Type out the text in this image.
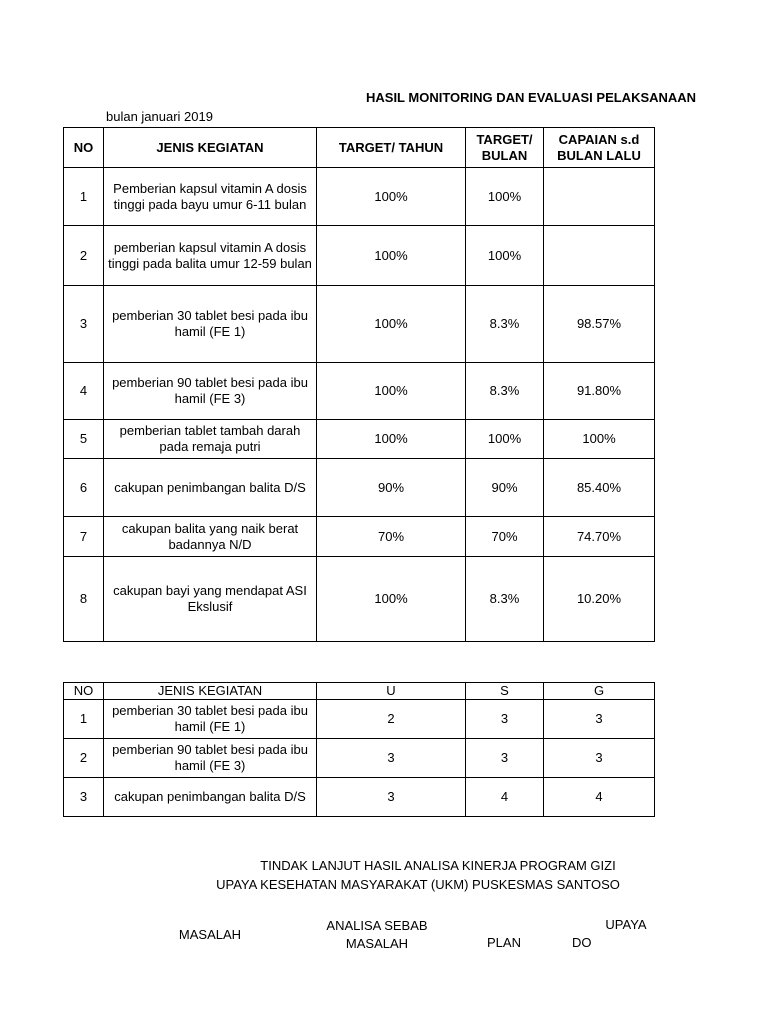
HASIL MONITORING DAN EVALUASI PELAKSANAAN
bulan januari 2019
NO	JENIS KEGIATAN	TARGET/ TAHUN	TARGET/ BULAN	CAPAIAN s.d BULAN LALU
1	Pemberian kapsul vitamin A dosis tinggi pada bayu umur 6-11 bulan	100%	100%	
2	pemberian kapsul vitamin A dosis tinggi pada balita umur 12-59 bulan	100%	100%	
3	pemberian 30 tablet besi pada ibu hamil (FE 1)	100%	8.3%	98.57%
4	pemberian 90 tablet besi pada ibu hamil (FE 3)	100%	8.3%	91.80%
5	pemberian tablet tambah darah pada remaja putri	100%	100%	100%
6	cakupan penimbangan balita D/S	90%	90%	85.40%
7	cakupan balita yang naik berat badannya N/D	70%	70%	74.70%
8	cakupan bayi yang mendapat ASI Ekslusif	100%	8.3%	10.20%
NO	JENIS KEGIATAN	U	S	G
1	pemberian 30 tablet besi pada ibu hamil (FE 1)	2	3	3
2	pemberian 90 tablet besi pada ibu hamil (FE 3)	3	3	3
3	cakupan penimbangan balita D/S	3	4	4
TINDAK LANJUT HASIL ANALISA KINERJA PROGRAM GIZI
UPAYA KESEHATAN MASYARAKAT (UKM) PUSKESMAS SANTOSO
MASALAH
ANALISA SEBAB MASALAH	PLAN
UPAYA
DO
